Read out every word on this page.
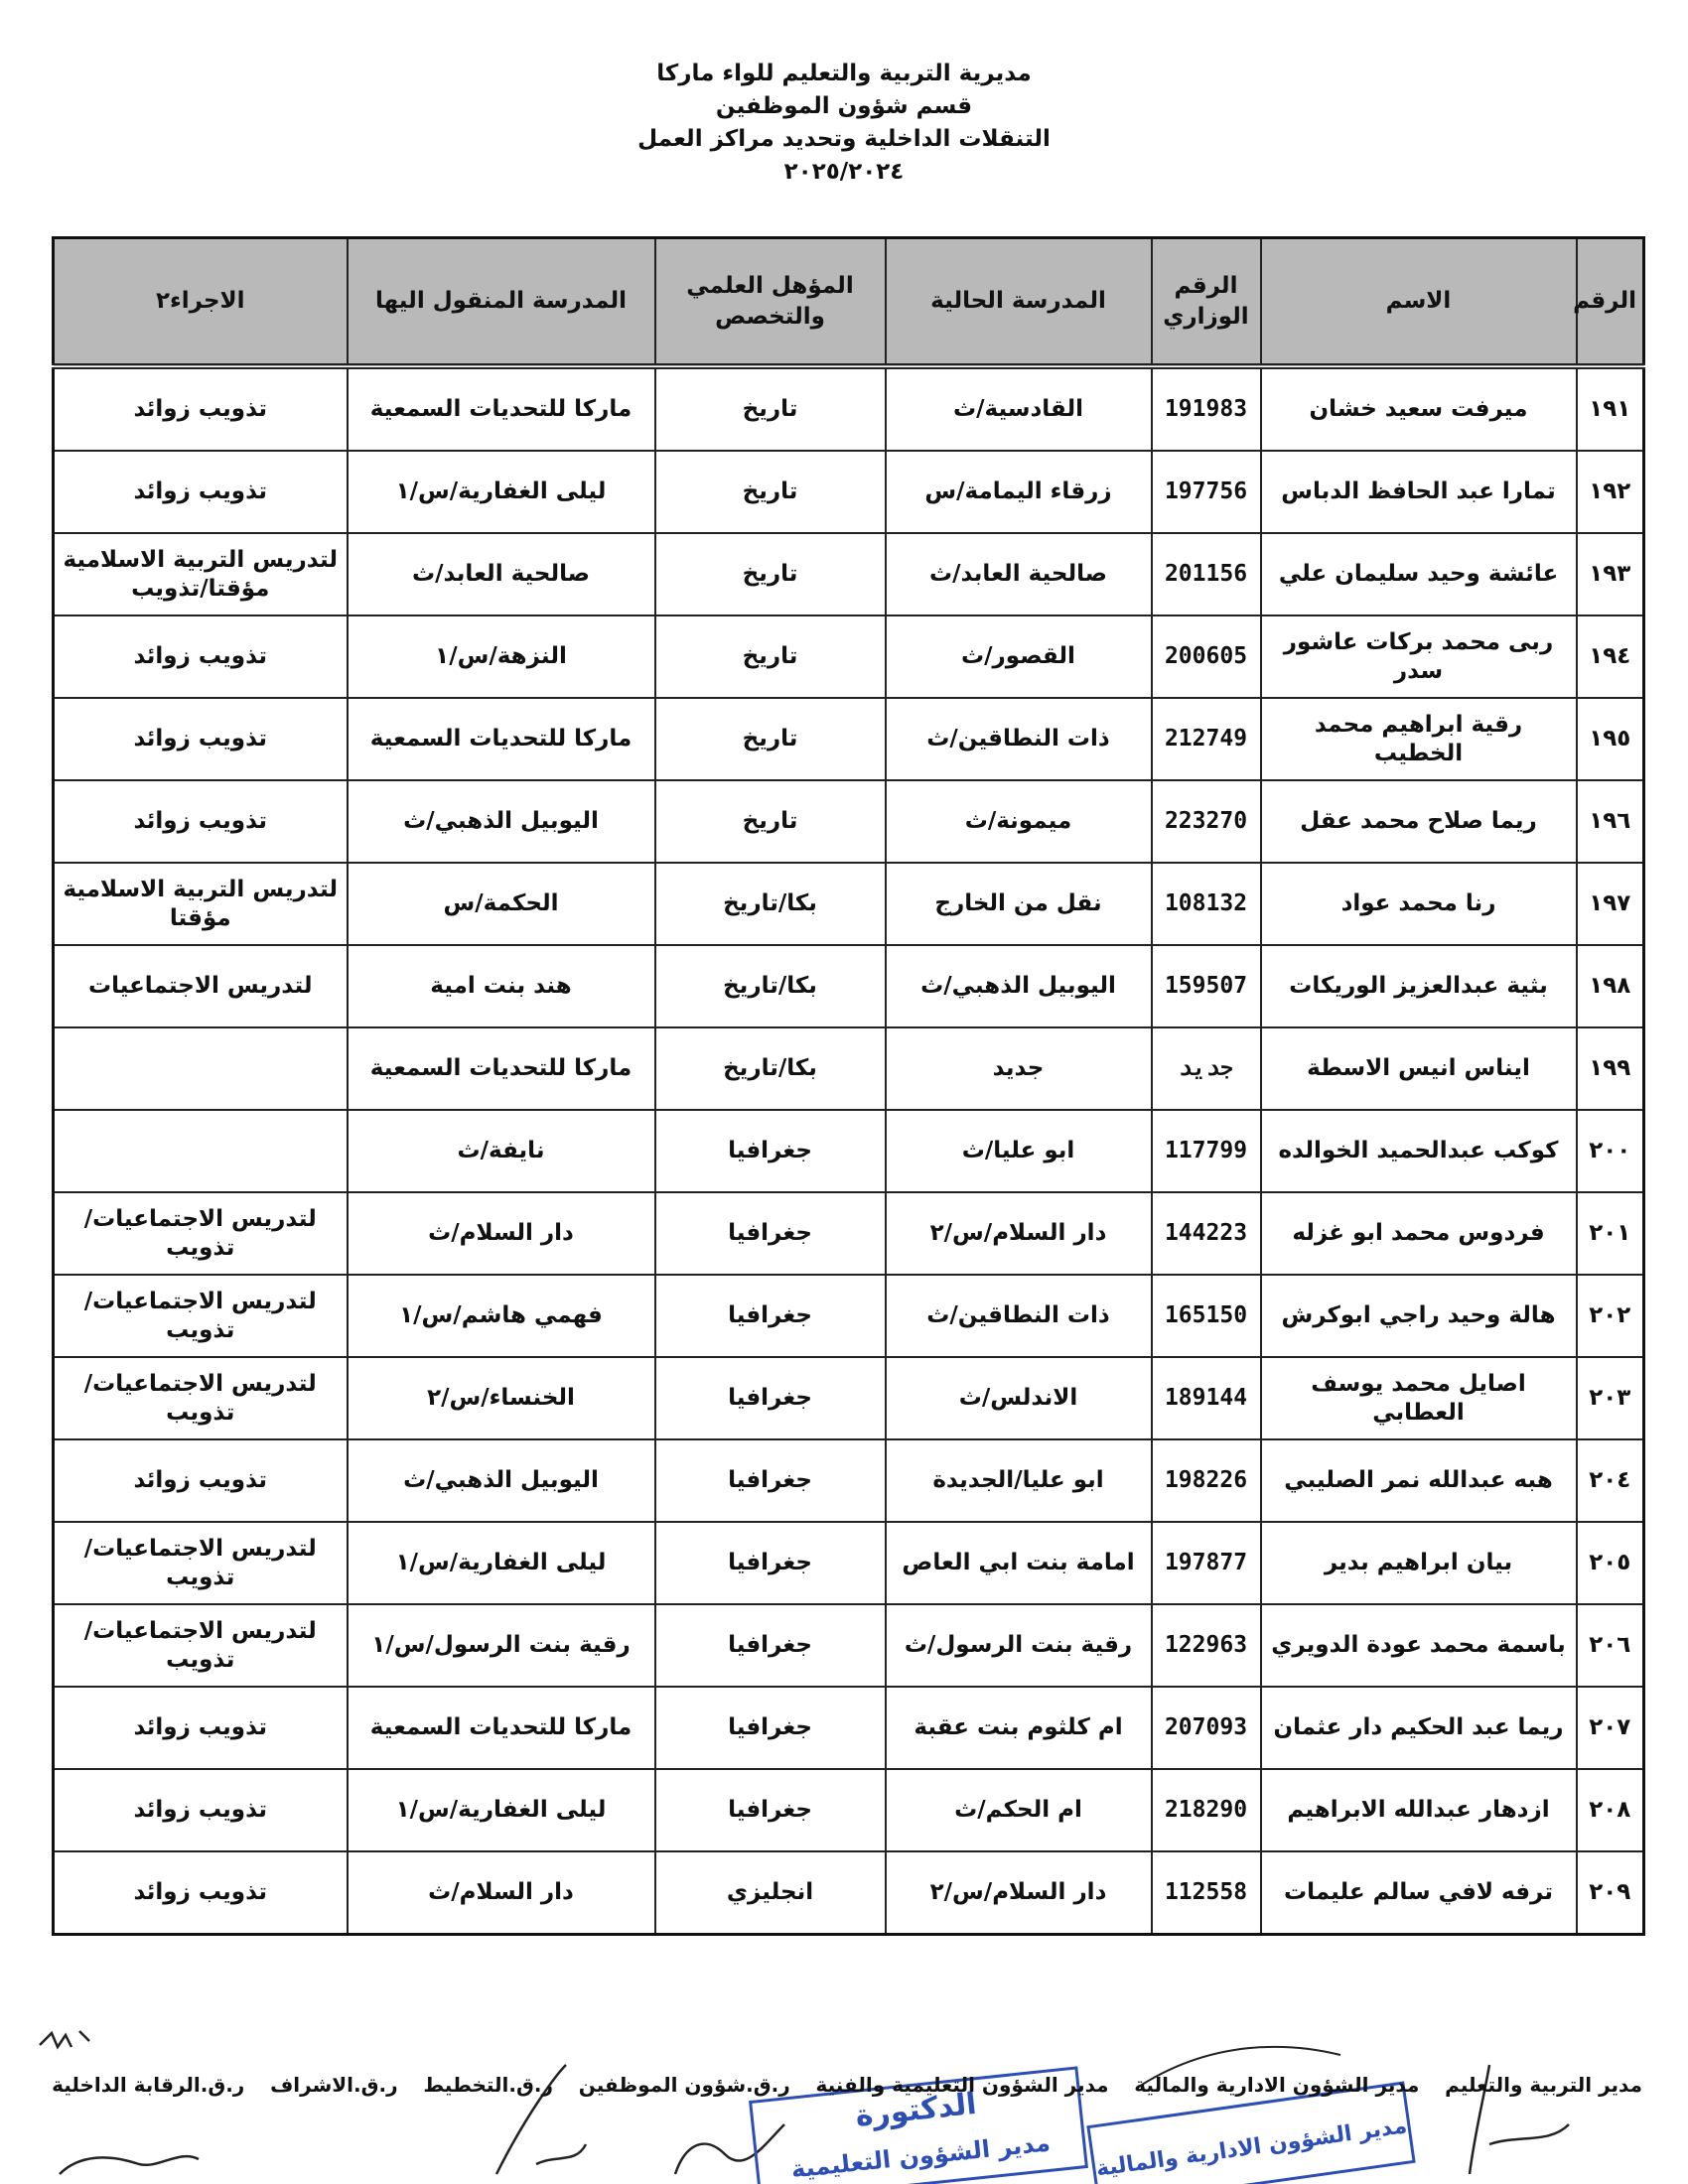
مديرية التربية والتعليم للواء ماركا
قسم شؤون الموظفين
التنقلات الداخلية وتحديد مراكز العمل
٢٠٢٥/٢٠٢٤
الرقم	الاسم	الرقم الوزاري	المدرسة الحالية	المؤهل العلمي والتخصص	المدرسة المنقول اليها	الاجراء٢
١٩١	ميرفت سعيد خشان	191983	القادسية/ث	تاريخ	ماركا للتحديات السمعية	تذويب زوائد
١٩٢	تمارا عبد الحافظ الدباس	197756	زرقاء اليمامة/س	تاريخ	ليلى الغفارية/س/١	تذويب زوائد
١٩٣	عائشة وحيد سليمان علي	201156	صالحية العابد/ث	تاريخ	صالحية العابد/ث	لتدريس التربية الاسلامية مؤقتا/تذويب
١٩٤	ربى محمد بركات عاشور سدر	200605	القصور/ث	تاريخ	النزهة/س/١	تذويب زوائد
١٩٥	رقية ابراهيم محمد الخطيب	212749	ذات النطاقين/ث	تاريخ	ماركا للتحديات السمعية	تذويب زوائد
١٩٦	ريما صلاح محمد عقل	223270	ميمونة/ث	تاريخ	اليوبيل الذهبي/ث	تذويب زوائد
١٩٧	رنا محمد عواد	108132	نقل من الخارج	بكا/تاريخ	الحكمة/س	لتدريس التربية الاسلامية مؤقتا
١٩٨	بثية عبدالعزيز الوريكات	159507	اليوبيل الذهبي/ث	بكا/تاريخ	هند بنت امية	لتدريس الاجتماعيات
١٩٩	ايناس انيس الاسطة	جديد	جديد	بكا/تاريخ	ماركا للتحديات السمعية	
٢٠٠	كوكب عبدالحميد الخوالده	117799	ابو عليا/ث	جغرافيا	نايفة/ث	
٢٠١	فردوس محمد ابو غزله	144223	دار السلام/س/٢	جغرافيا	دار السلام/ث	لتدريس الاجتماعيات/تذويب
٢٠٢	هالة وحيد راجي ابوكرش	165150	ذات النطاقين/ث	جغرافيا	فهمي هاشم/س/١	لتدريس الاجتماعيات/تذويب
٢٠٣	اصايل محمد يوسف العطابي	189144	الاندلس/ث	جغرافيا	الخنساء/س/٢	لتدريس الاجتماعيات/تذويب
٢٠٤	هبه عبدالله نمر الصليبي	198226	ابو عليا/الجديدة	جغرافيا	اليوبيل الذهبي/ث	تذويب زوائد
٢٠٥	بيان ابراهيم بدير	197877	امامة بنت ابي العاص	جغرافيا	ليلى الغفارية/س/١	لتدريس الاجتماعيات/تذويب
٢٠٦	باسمة محمد عودة الدويري	122963	رقية بنت الرسول/ث	جغرافيا	رقية بنت الرسول/س/١	لتدريس الاجتماعيات/تذويب
٢٠٧	ريما عبد الحكيم دار عثمان	207093	ام كلثوم بنت عقبة	جغرافيا	ماركا للتحديات السمعية	تذويب زوائد
٢٠٨	ازدهار عبدالله الابراهيم	218290	ام الحكم/ث	جغرافيا	ليلى الغفارية/س/١	تذويب زوائد
٢٠٩	ترفه لافي سالم عليمات	112558	دار السلام/س/٢	انجليزي	دار السلام/ث	تذويب زوائد
الدكتورة
مدير الشؤون التعليمية مدير الشؤون الادارية والمالية
مدير التربية والتعليم
مدير الشؤون الادارية والمالية
مدير الشؤون التعليمية والفنية
ر.ق.شؤون الموظفين
ر.ق.التخطيط
ر.ق.الاشراف
ر.ق.الرقابة الداخلية
